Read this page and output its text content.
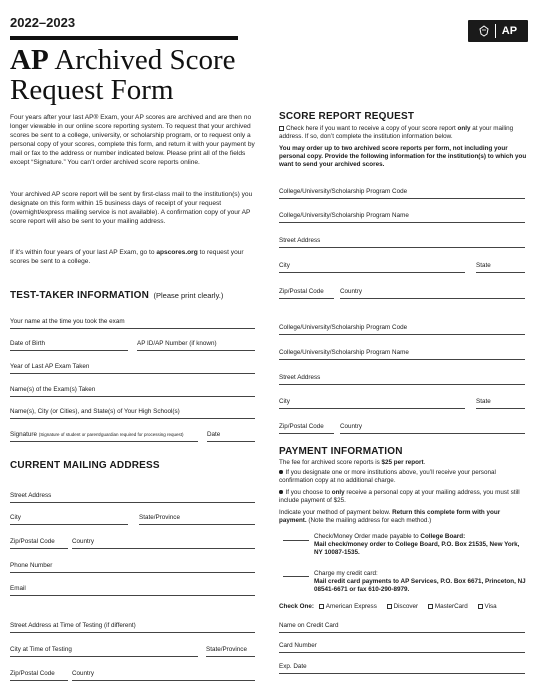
2022–2023
AP Archived Score
Request Form
AP
Four years after your last AP® Exam, your AP scores are archived and are then no longer viewable in our online score reporting system. To request that your archived scores be sent to a college, university, or scholarship program, or to request only a personal copy of your scores, complete this form, and return it with your payment by mail or fax to the address or number indicated below. Please print all of the fields except “Signature.” You can’t order archived score reports online.
Your archived AP score report will be sent by first-class mail to the institution(s) you designate on this form within 15 business days of receipt of your request (overnight/express mailing service is not available). A confirmation copy of your AP score report will also be sent to your mailing address.
If it’s within four years of your last AP Exam, go to apscores.org to request your scores be sent to a college.
TEST-TAKER INFORMATION (Please print clearly.)
Your name at the time you took the exam
Date of Birth	AP ID/AP Number (if known)
Year of Last AP Exam Taken
Name(s) of the Exam(s) Taken
Name(s), City (or Cities), and State(s) of Your High School(s)
Signature (Signature of student or parent/guardian required for processing request)	Date
CURRENT MAILING ADDRESS
Street Address
City	State/Province
Zip/Postal Code	Country
Phone Number
Email
Street Address at Time of Testing (if different)
City at Time of Testing	State/Province
Zip/Postal Code	Country
SCORE REPORT REQUEST
Check here if you want to receive a copy of your score report only at your mailing address. If so, don’t complete the institution information below.
You may order up to two archived score reports per form, not including your personal copy. Provide the following information for the institution(s) to which you want to send your archived scores.
College/University/Scholarship Program Code
College/University/Scholarship Program Name
Street Address
City	State
Zip/Postal Code	Country
College/University/Scholarship Program Code
College/University/Scholarship Program Name
Street Address
City	State
Zip/Postal Code	Country
PAYMENT INFORMATION
The fee for archived score reports is $25 per report.
If you designate one or more institutions above, you’ll receive your personal confirmation copy at no additional charge.
If you choose to only receive a personal copy at your mailing address, you must still include payment of $25.
Indicate your method of payment below. Return this complete form with your payment. (Note the mailing address for each method.)
Check/Money Order made payable to College Board:
Mail check/money order to College Board, P.O. Box 21535, New York, NY 10087-1535.
Charge my credit card:
Mail credit card payments to AP Services, P.O. Box 6671, Princeton, NJ 08541-6671 or fax 610-290-8979.
Check One: American Express	Discover	MasterCard	Visa
Name on Credit Card
Card Number
Exp. Date
